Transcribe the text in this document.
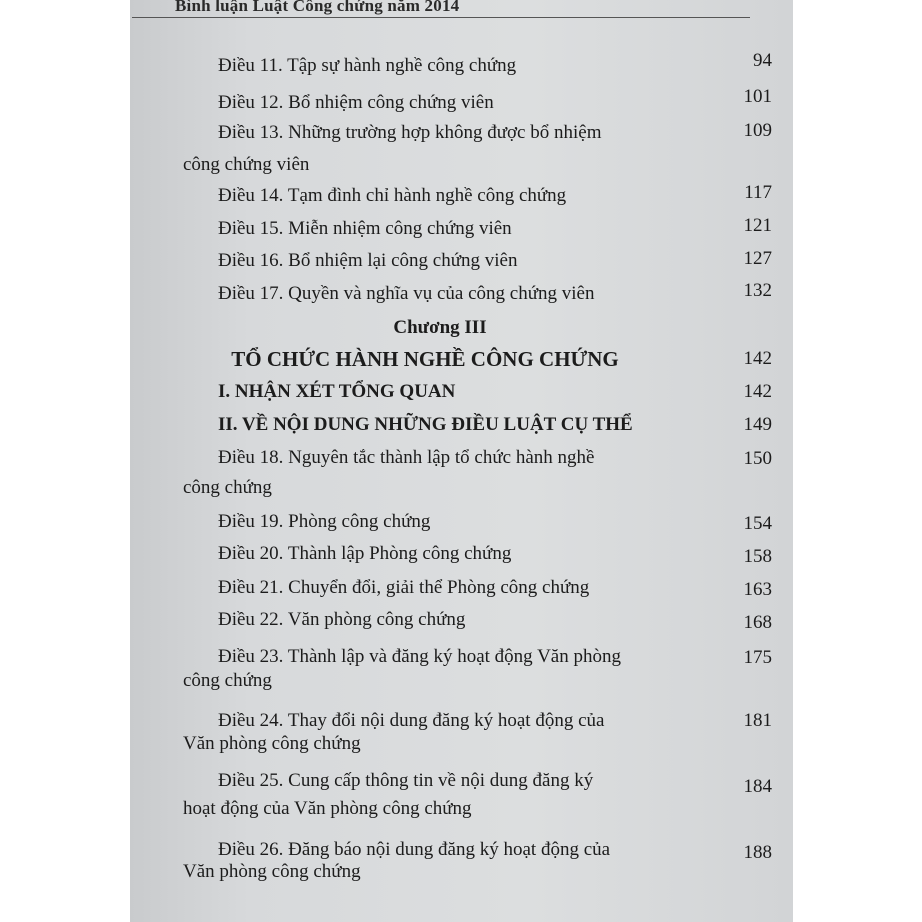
Bình luận Luật Công chứng năm 2014
Điều 11. Tập sự hành nghề công chứng	94
Điều 12. Bổ nhiệm công chứng viên	101
Điều 13. Những trường hợp không được bổ nhiệm
công chứng viên
109
Điều 14. Tạm đình chỉ hành nghề công chứng	117
Điều 15. Miễn nhiệm công chứng viên	121
Điều 16. Bổ nhiệm lại công chứng viên	127
Điều 17. Quyền và nghĩa vụ của công chứng viên	132
Chương III
TỔ CHỨC HÀNH NGHỀ CÔNG CHỨNG	142
I. NHẬN XÉT TỔNG QUAN	142
II. VỀ NỘI DUNG NHỮNG ĐIỀU LUẬT CỤ THỂ	149
Điều 18. Nguyên tắc thành lập tổ chức hành nghề
công chứng
150
Điều 19. Phòng công chứng	154
Điều 20. Thành lập Phòng công chứng	158
Điều 21. Chuyển đổi, giải thể Phòng công chứng	163
Điều 22. Văn phòng công chứng	168
Điều 23. Thành lập và đăng ký hoạt động Văn phòng
công chứng
175
Điều 24. Thay đổi nội dung đăng ký hoạt động của
Văn phòng công chứng
181
Điều 25. Cung cấp thông tin về nội dung đăng ký
hoạt động của Văn phòng công chứng
184
Điều 26. Đăng báo nội dung đăng ký hoạt động của
Văn phòng công chứng
188
